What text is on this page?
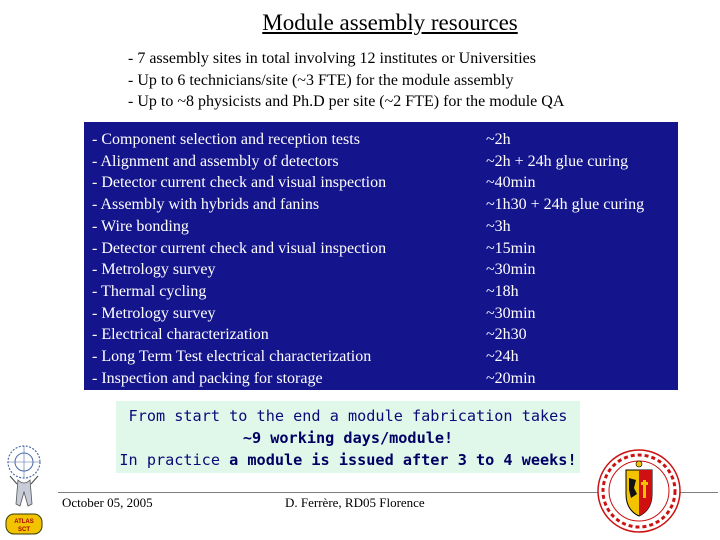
Module assembly resources
- 7 assembly sites in total involving 12 institutes or Universities
- Up to 6 technicians/site (~3 FTE) for the module assembly
- Up to ~8 physicists and Ph.D per site (~2 FTE) for the module QA
- Component selection and reception tests
- Alignment and assembly of detectors
- Detector current check and visual inspection
- Assembly with hybrids and fanins
- Wire bonding
- Detector current check and visual inspection
- Metrology survey
- Thermal cycling
- Metrology survey
- Electrical characterization
- Long Term Test electrical characterization
- Inspection and packing for storage
~2h
~2h + 24h glue curing
~40min
~1h30 + 24h glue curing
~3h
~15min
~30min
~18h
~30min
~2h30
~24h
~20min
From start to the end a module fabrication takes
~9 working days/module!
In practice a module is issued after 3 to 4 weeks!
October 05, 2005	D. Ferrère, RD05 Florence
ATLAS
SCT
